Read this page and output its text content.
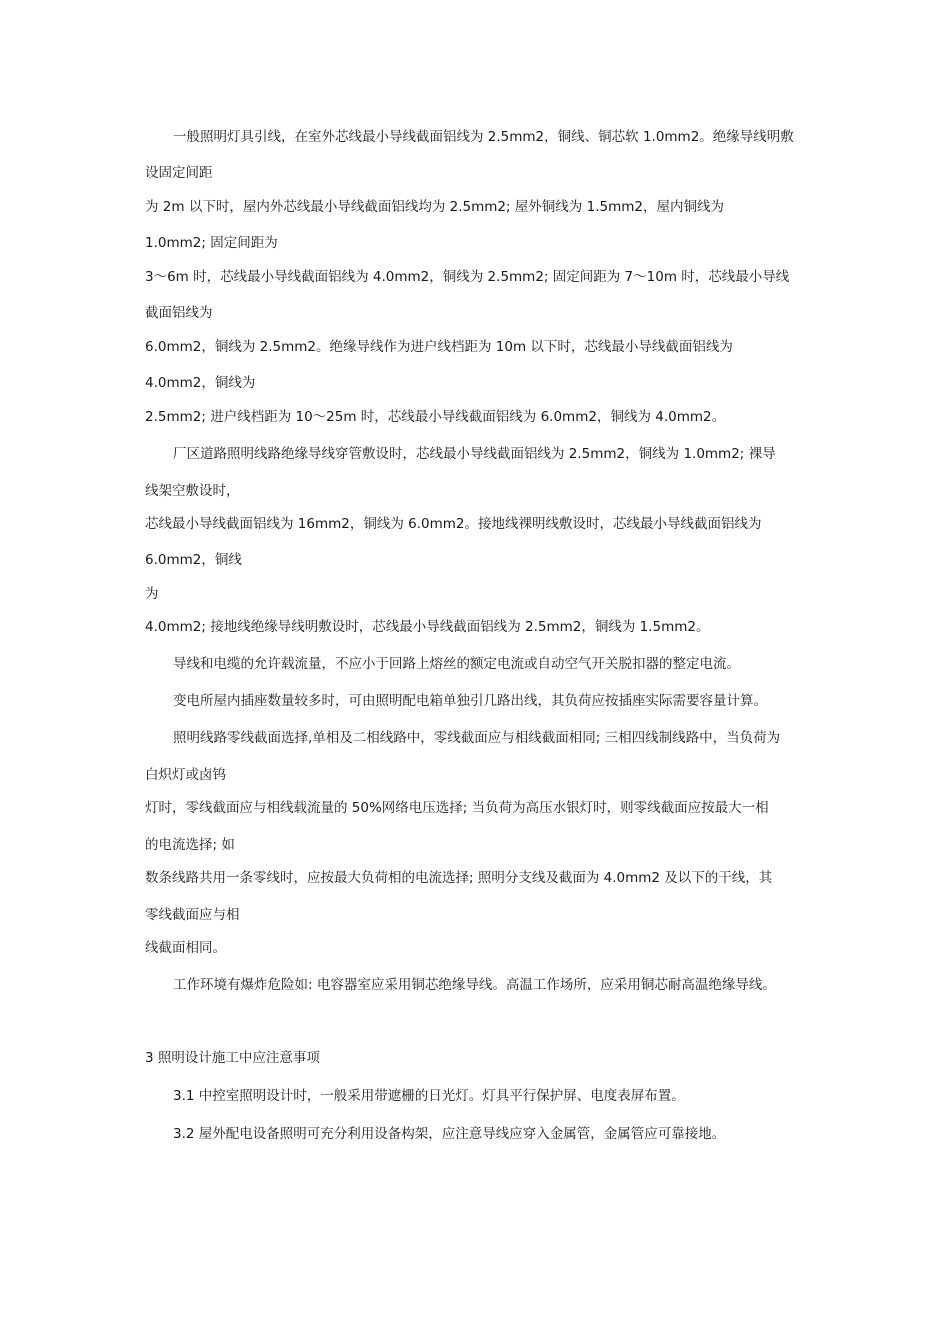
一般照明灯具引线，在室外芯线最小导线截面铝线为 2.5mm2，铜线、铜芯软 1.0mm2。绝缘导线明敷
设固定间距
为 2m 以下时，屋内外芯线最小导线截面铝线均为 2.5mm2; 屋外铜线为 1.5mm2，屋内铜线为
1.0mm2; 固定间距为
3～6m 时，芯线最小导线截面铝线为 4.0mm2，铜线为 2.5mm2; 固定间距为 7～10m 时，芯线最小导线
截面铝线为
6.0mm2，铜线为 2.5mm2。绝缘导线作为进户线档距为 10m 以下时，芯线最小导线截面铝线为
4.0mm2，铜线为
2.5mm2; 进户线档距为 10～25m 时，芯线最小导线截面铝线为 6.0mm2，铜线为 4.0mm2。
厂区道路照明线路绝缘导线穿管敷设时，芯线最小导线截面铝线为 2.5mm2，铜线为 1.0mm2; 裸导
线架空敷设时，
芯线最小导线截面铝线为 16mm2，铜线为 6.0mm2。接地线裸明线敷设时，芯线最小导线截面铝线为
6.0mm2，铜线
为
4.0mm2; 接地线绝缘导线明敷设时，芯线最小导线截面铝线为 2.5mm2，铜线为 1.5mm2。
导线和电缆的允许载流量，不应小于回路上熔丝的额定电流或自动空气开关脱扣器的整定电流。
变电所屋内插座数量较多时，可由照明配电箱单独引几路出线，其负荷应按插座实际需要容量计算。
照明线路零线截面选择,单相及二相线路中，零线截面应与相线截面相同; 三相四线制线路中，当负荷为
白炽灯或卤钨
灯时，零线截面应与相线载流量的 50%网络电压选择; 当负荷为高压水银灯时，则零线截面应按最大一相
的电流选择; 如
数条线路共用一条零线时，应按最大负荷相的电流选择; 照明分支线及截面为 4.0mm2 及以下的干线，其
零线截面应与相
线截面相同。
工作环境有爆炸危险如: 电容器室应采用铜芯绝缘导线。高温工作场所，应采用铜芯耐高温绝缘导线。
3 照明设计施工中应注意事项
3.1 中控室照明设计时，一般采用带遮栅的日光灯。灯具平行保护屏、电度表屏布置。
3.2 屋外配电设备照明可充分利用设备构架，应注意导线应穿入金属管，金属管应可靠接地。
